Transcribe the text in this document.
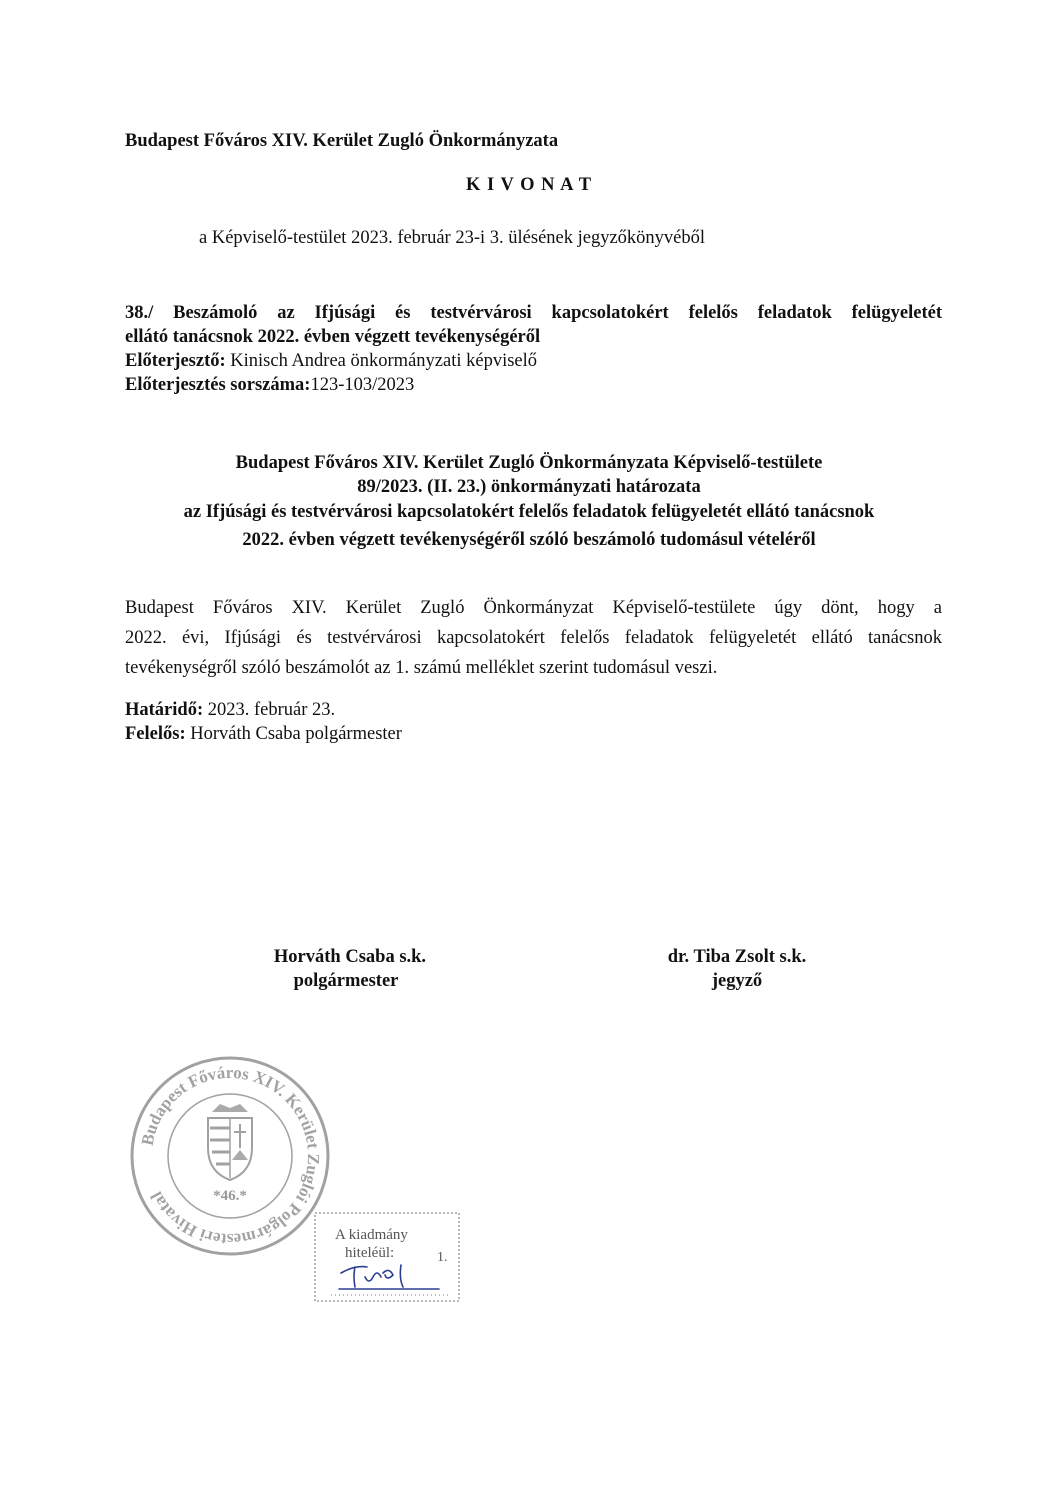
Budapest Főváros XIV. Kerület Zugló Önkormányzata
K I V O N A T
a Képviselő-testület 2023. február 23-i 3. ülésének jegyzőkönyvéből
38./ Beszámoló az Ifjúsági és testvérvárosi kapcsolatokért felelős feladatok felügyeletét
ellátó tanácsnok 2022. évben végzett tevékenységéről
Előterjesztő: Kinisch Andrea önkormányzati képviselő
Előterjesztés sorszáma:123-103/2023
Budapest Főváros XIV. Kerület Zugló Önkormányzata Képviselő-testülete
89/2023. (II. 23.) önkormányzati határozata
az Ifjúsági és testvérvárosi kapcsolatokért felelős feladatok felügyeletét ellátó tanácsnok
2022. évben végzett tevékenységéről szóló beszámoló tudomásul vételéről
Budapest Főváros XIV. Kerület Zugló Önkormányzat Képviselő-testülete úgy dönt, hogy a
2022. évi, Ifjúsági és testvérvárosi kapcsolatokért felelős feladatok felügyeletét ellátó tanácsnok
tevékenységről szóló beszámolót az 1. számú melléklet szerint tudomásul veszi.
Határidő: 2023. február 23.
Felelős: Horváth Csaba polgármester
Horváth Csaba s.k.
polgármester
dr. Tiba Zsolt s.k.
jegyző
Budapest Főváros XIV. Kerület Zuglói Polgármesteri Hivatal	*46.*
A kiadmány
hiteléül:	1.
